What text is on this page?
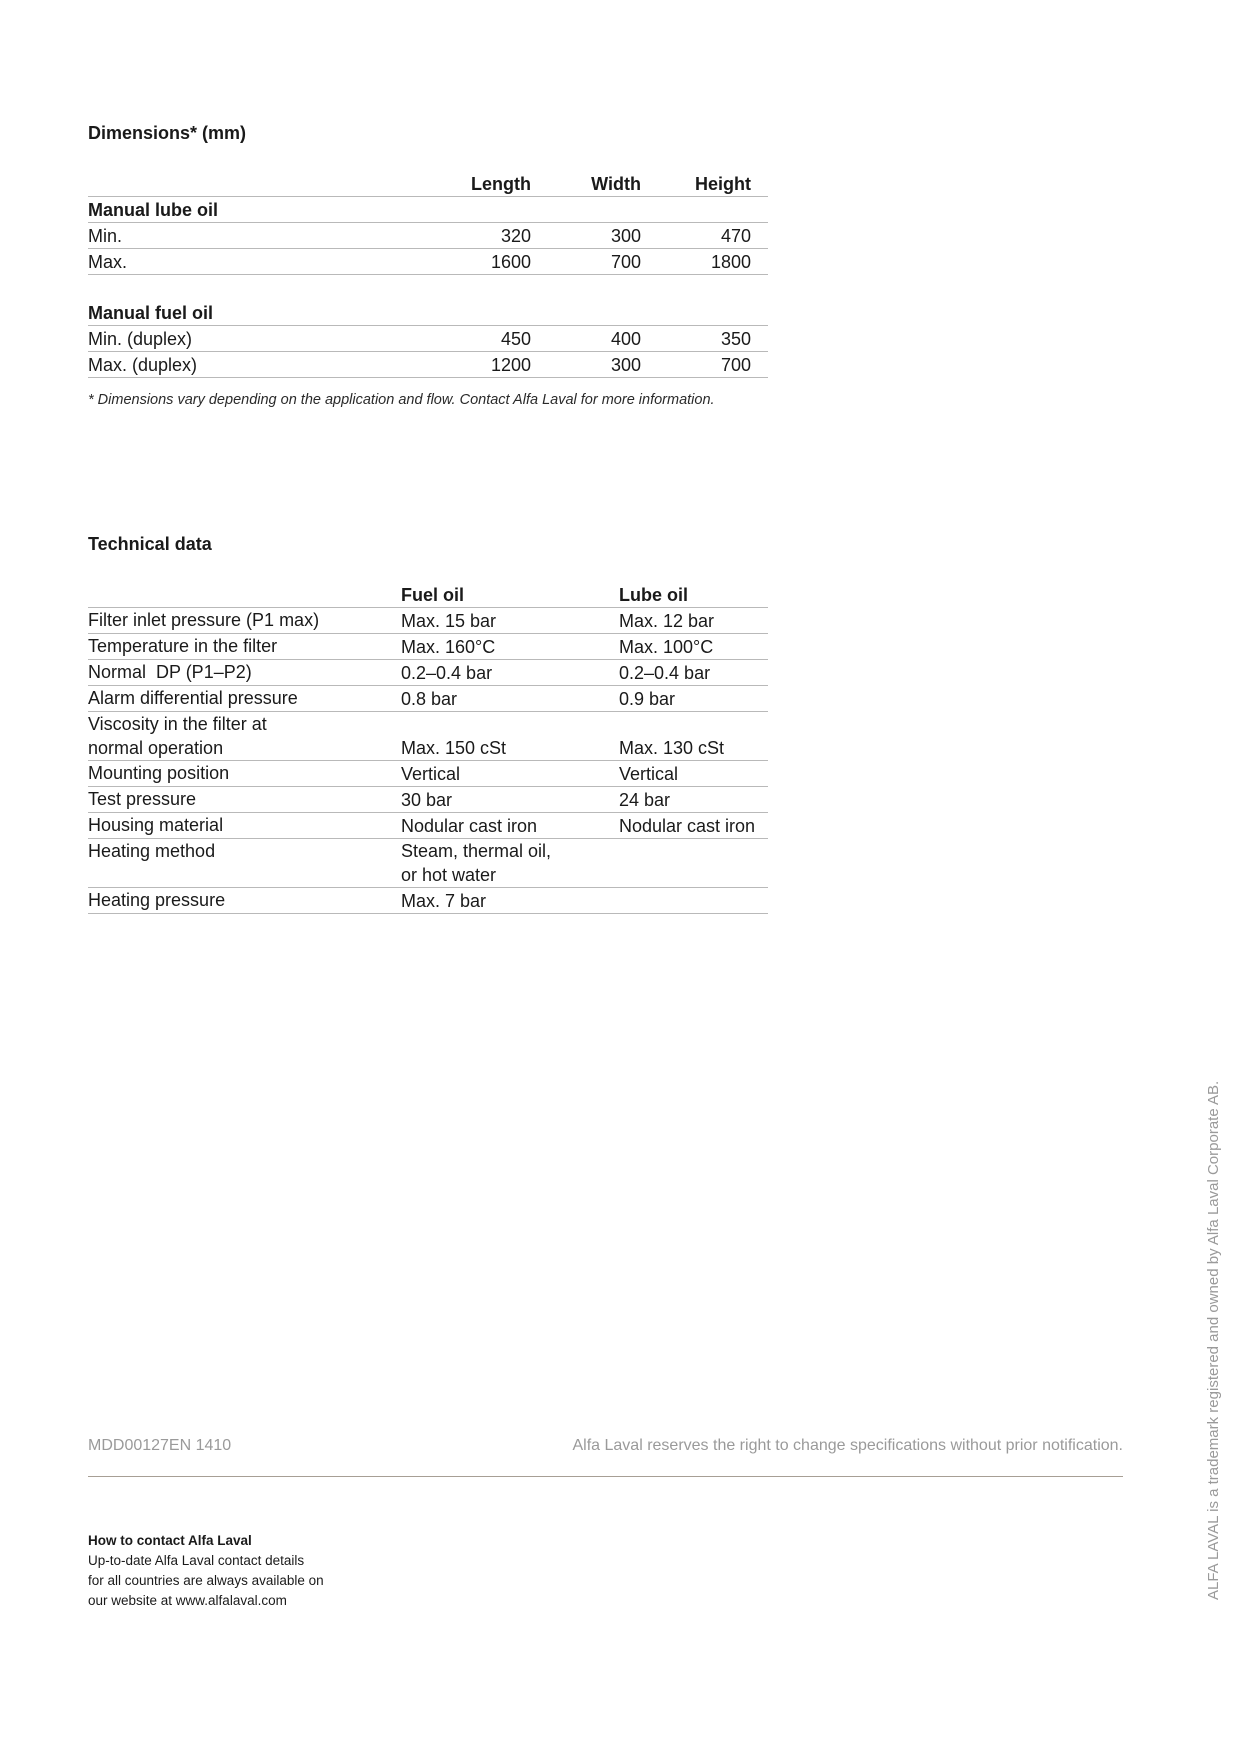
Dimensions* (mm)
	Length	Width	Height
Manual lube oil			
Min.	320	300	470
Max.	1600	700	1800

Manual fuel oil			
Min. (duplex)	450	400	350
Max. (duplex)	1200	300	700

* Dimensions vary depending on the application and flow. Contact Alfa Laval for more information.

Technical data
	Fuel oil	Lube oil
Filter inlet pressure (P1 max)	Max. 15 bar	Max. 12 bar
Temperature in the filter	Max. 160°C	Max. 100°C
Normal  DP (P1–P2)	0.2–0.4 bar	0.2–0.4 bar
Alarm differential pressure	0.8 bar	0.9 bar

Viscosity in the filter at
normal operation	Max. 150 cSt	Max. 130 cSt
Mounting position	Vertical	Vertical
Test pressure	30 bar	24 bar
Housing material	Nodular cast iron	Nodular cast iron
Heating method	Steam, thermal oil,
or hot water	

Heating pressure	Max. 7 bar	

MDD00127EN 1410	Alfa Laval reserves the right to change specifications without prior notification.

How to contact Alfa Laval

Up-to-date Alfa Laval contact details

for all countries are always available on

our website at www.alfalaval.com

ALFA LAVAL is a trademark registered and owned by Alfa Laval Corporate AB.
